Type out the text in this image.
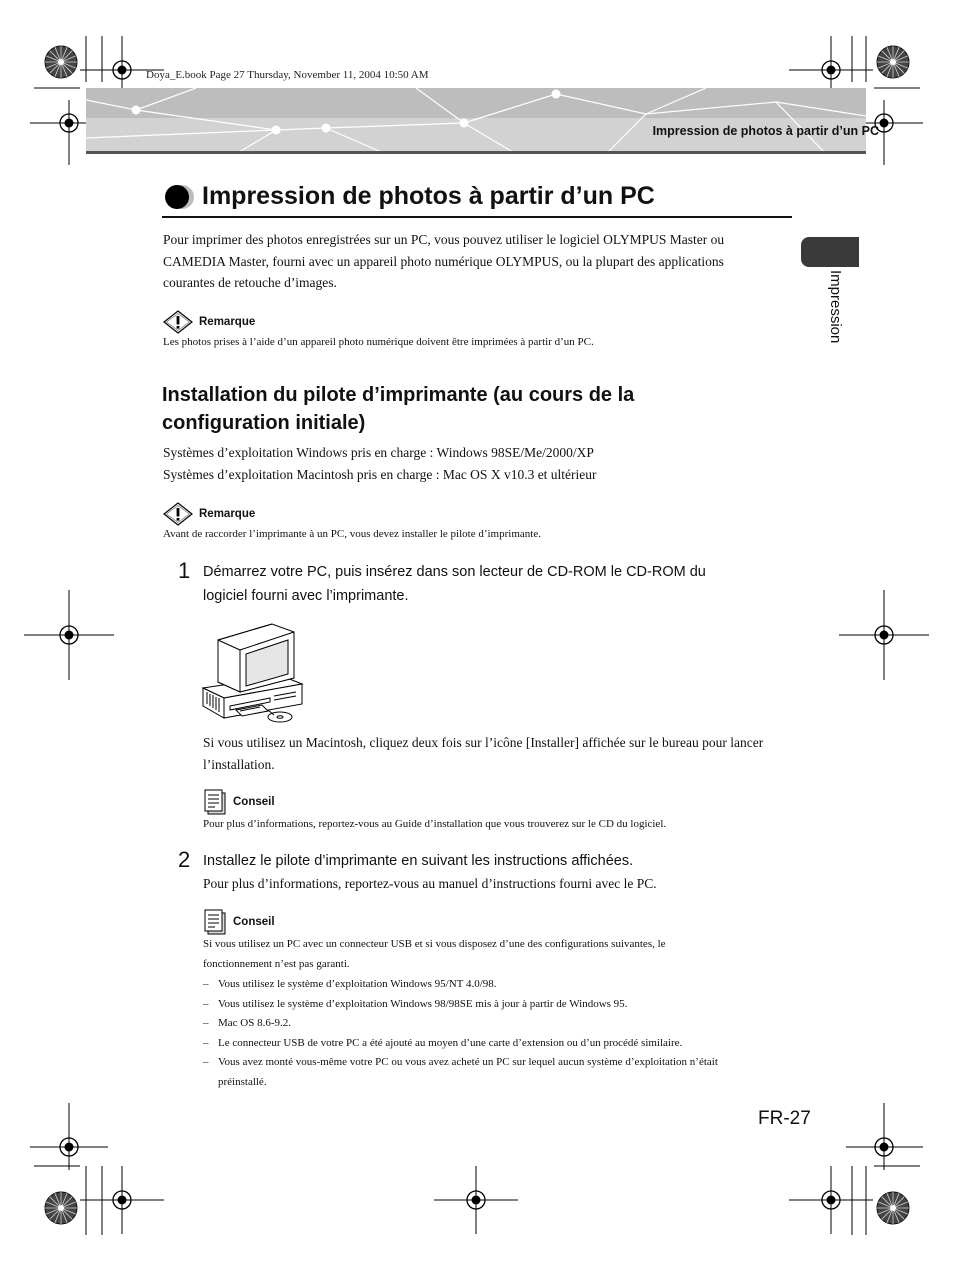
Doya_E.book Page 27 Thursday, November 11, 2004 10:50 AM
Impression de photos à partir d’un PC
Impression
Impression de photos à partir d’un PC

Pour imprimer des photos enregistrées sur un PC, vous pouvez utiliser le logiciel OLYMPUS Master ou

CAMEDIA Master, fourni avec un appareil photo numérique OLYMPUS, ou la plupart des applications

courantes de retouche d’images.

Remarque
Les photos prises à l’aide d’un appareil photo numérique doivent être imprimées à partir d’un PC.
Installation du pilote d’imprimante (au cours de la
configuration initiale)
Systèmes d’exploitation Windows pris en charge : Windows 98SE/Me/2000/XP
Systèmes d’exploitation Macintosh pris en charge : Mac OS X v10.3 et ultérieur
Remarque
Avant de raccorder l’imprimante à un PC, vous devez installer le pilote d’imprimante.
1 Démarrez votre PC, puis insérez dans son lecteur de CD-ROM le CD-ROM du
logiciel fourni avec l’imprimante.
Si vous utilisez un Macintosh, cliquez deux fois sur l’icône [Installer] affichée sur le bureau pour lancer
l’installation.
Conseil
Pour plus d’informations, reportez-vous au Guide d’installation que vous trouverez sur le CD du logiciel.
2 Installez le pilote d’imprimante en suivant les instructions affichées.
Pour plus d’informations, reportez-vous au manuel d’instructions fourni avec le PC.
Conseil
Si vous utilisez un PC avec un connecteur USB et si vous disposez d’une des configurations suivantes, le
fonctionnement n’est pas garanti.
– Vous utilisez le système d’exploitation Windows 95/NT 4.0/98.
– Vous utilisez le système d’exploitation Windows 98/98SE mis à jour à partir de Windows 95.
– Mac OS 8.6-9.2.
– Le connecteur USB de votre PC a été ajouté au moyen d’une carte d’extension ou d’un procédé similaire.
– Vous avez monté vous-même votre PC ou vous avez acheté un PC sur lequel aucun système d’exploitation n’était
préinstallé.
FR-27
